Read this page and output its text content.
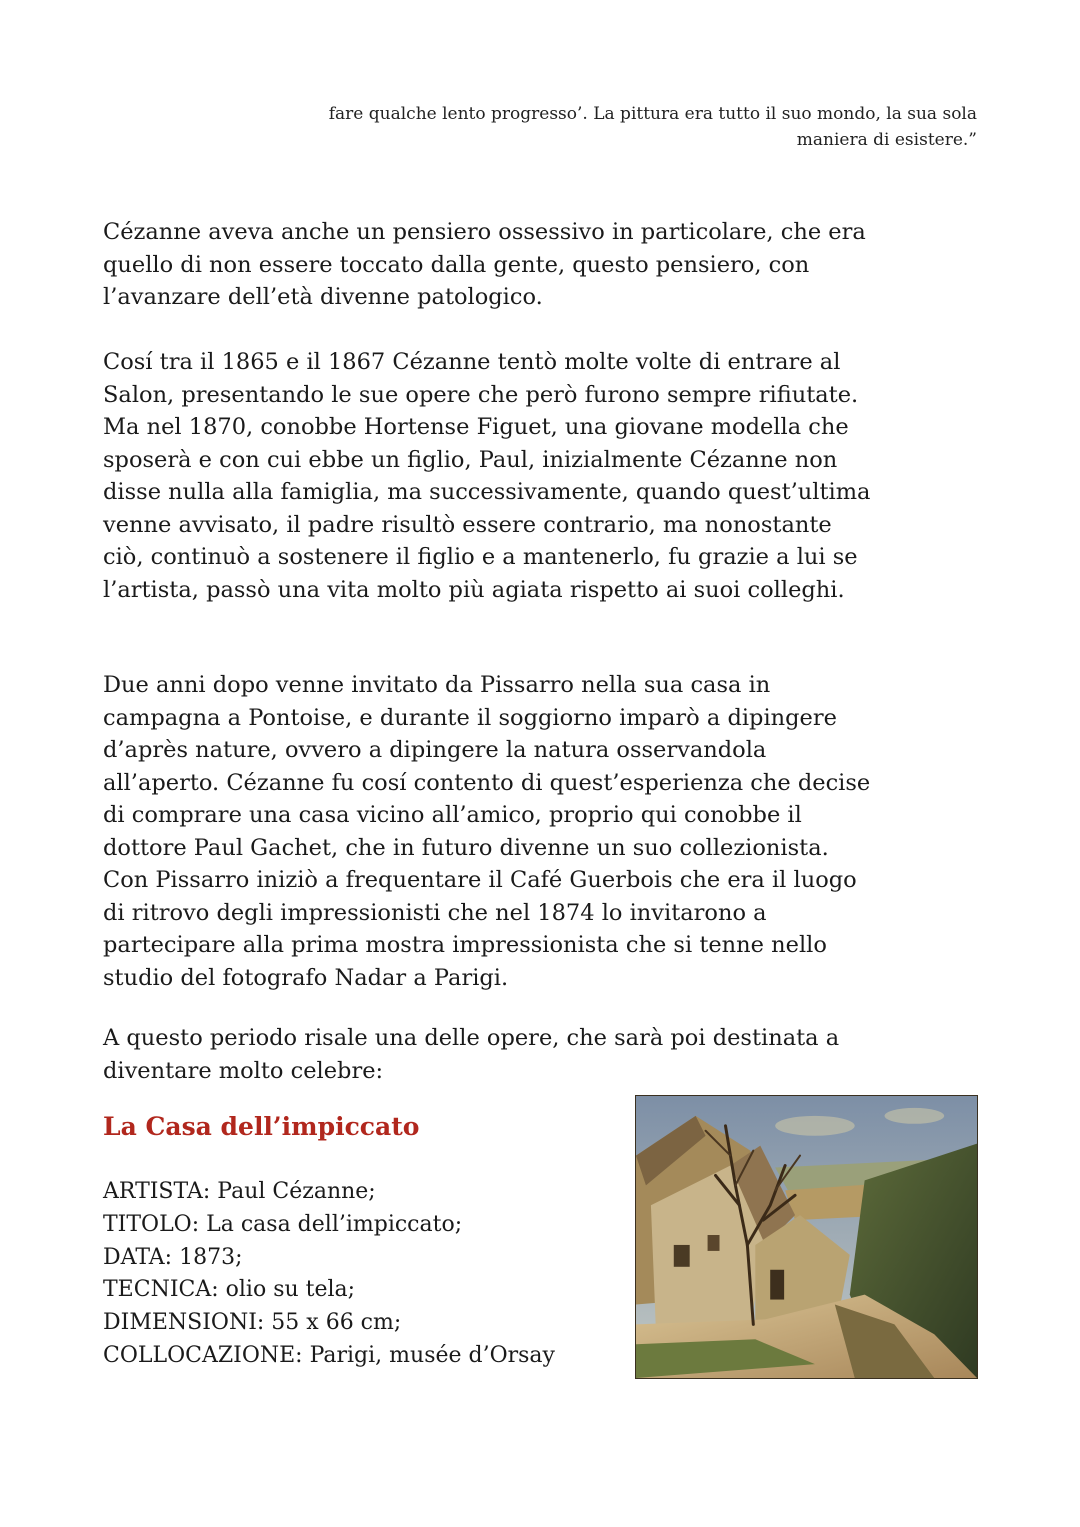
fare qualche lento progresso’. La pittura era tutto il suo mondo, la sua sola

maniera di esistere.”

Cézanne aveva anche un pensiero ossessivo in particolare, che era
quello di non essere toccato dalla gente, questo pensiero, con
l’avanzare dell’età divenne patologico.

Cosí tra il 1865 e il 1867 Cézanne tentò molte volte di entrare al
Salon, presentando le sue opere che però furono sempre rifiutate.
Ma nel 1870, conobbe Hortense Figuet, una giovane modella che
sposerà e con cui ebbe un figlio, Paul, inizialmente Cézanne non
disse nulla alla famiglia, ma successivamente, quando quest’ultima
venne avvisato, il padre risultò essere contrario, ma nonostante
ciò, continuò a sostenere il figlio e a mantenerlo, fu grazie a lui se
l’artista, passò una vita molto più agiata rispetto ai suoi colleghi.

Due anni dopo venne invitato da Pissarro nella sua casa in
campagna a Pontoise, e durante il soggiorno imparò a dipingere
d’après nature, ovvero a dipingere la natura osservandola
all’aperto. Cézanne fu cosí contento di quest’esperienza che decise
di comprare una casa vicino all’amico, proprio qui conobbe il
dottore Paul Gachet, che in futuro divenne un suo collezionista.
Con Pissarro iniziò a frequentare il Café Guerbois che era il luogo
di ritrovo degli impressionisti che nel 1874 lo invitarono a
partecipare alla prima mostra impressionista che si tenne nello
studio del fotografo Nadar a Parigi.

A questo periodo risale una delle opere, che sarà poi destinata a
diventare molto celebre:

La Casa dell’impiccato
ARTISTA: Paul Cézanne;
TITOLO: La casa dell’impiccato;
DATA: 1873;
TECNICA: olio su tela;
DIMENSIONI: 55 x 66 cm;
COLLOCAZIONE: Parigi, musée d’Orsay
